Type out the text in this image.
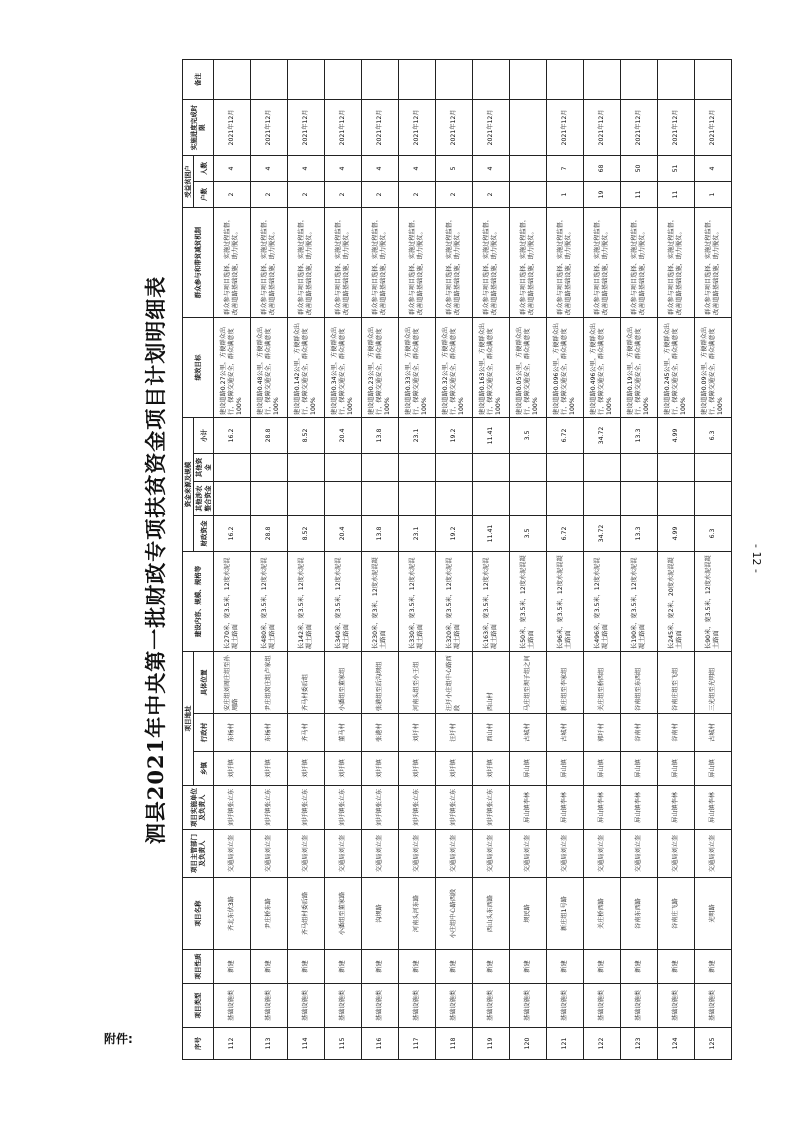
附件:
- 12 -
泗县2021年中央第一批财政专项扶贫资金项目计划明细表
序号	项目类型	项目性质	项目名称	项目主管部门及负责人	项目实施单位及负责人	项目地址			建设内容、规模、规格等	资金来源及规模				绩效目标	群众参与和带贫减贫机制	受益贫困户		实施进度完成时限	备注
						乡镇	行政村	具体位置		财政资金	其他涉农整合资金	其他资金	小计			户数	人数		
112	基础设施类	新建	齐北东伏3路	交通局刘立奎	刘圩镇张立东	刘圩镇	东杨村	安庄组刘周庄组至孙周路	长270米，宽3.5米，12度水泥混凝土路面	16.2			16.2	建设道路0.27公里，方便群众出行，保障交通安全，群众满意度100%	群众参与项目选择、实施过程监督，改善道路基础设施，助力脱贫。	2	4	2021年12月	
113	基础设施类	新建	尹庄桥东路	交通局刘立奎	刘圩镇张立东	刘圩镇	东杨村	尹庄组窝庄组卢家组	长480米，宽3.5米，12度水泥混凝土路面	28.8			28.8	建设道路0.48公里，方便群众出行，保障交通安全，群众满意度100%	群众参与项目选择、实施过程监督，改善道路基础设施，助力脱贫。	2	4	2021年12月	
114	基础设施类	新建	齐马组村委后路	交通局刘立奎	刘圩镇张立东	刘圩镇	齐马村	齐马村委后组	长142米，宽3.5米，12度水泥混凝土路面	8.52			8.52	建设道路0.142公里，方便群众出行，保障交通安全，群众满意度100%	群众参与项目选择、实施过程监督，改善道路基础设施，助力脱贫。	2	4	2021年12月	
115	基础设施类	新建	小潘组至董家路	交通局刘立奎	刘圩镇张立东	刘圩镇	董马村	小潘组至董家组	长340米，宽3.5米，12度水泥混凝土路面	20.4			20.4	建设道路0.34公里，方便群众出行，保障交通安全，群众满意度100%	群众参与项目选择、实施过程监督，改善道路基础设施，助力脱贫。	2	4	2021年12月	
116	基础设施类	新建	沟坝路	交通局刘立奎	刘圩镇张立东	刘圩镇	张港村	张港组至后沟坝组	长230米，宽3米，12度水泥混凝土路面	13.8			13.8	建设道路0.23公里，方便群众出行，保障交通安全，群众满意度100%	群众参与项目选择、实施过程监督，改善道路基础设施，助力脱贫。	2	4	2021年12月	
117	基础设施类	新建	河南头河东路	交通局刘立奎	刘圩镇张立东	刘圩镇	刘圩村	河南头组至小王组	长330米，宽3.5米，12度水泥混凝土路面	23.1			23.1	建设道路0.33公里，方便群众出行，保障交通安全，群众满意度100%	群众参与项目选择、实施过程监督，改善道路基础设施，助力脱贫。	2	4	2021年12月	
118	基础设施类	新建	小庄组中心路西段	交通局刘立奎	刘圩镇张立东	刘圩镇	汪圩村	汪圩小庄组中心路西段	长320米，宽3.5米，12度水泥混凝土路面	19.2			19.2	建设道路0.32公里，方便群众出行，保障交通安全，群众满意度100%	群众参与项目选择、实施过程监督，改善道路基础设施，助力脱贫。	2	5	2021年12月	
119	基础设施类	新建	西山头东西路	交通局刘立奎	刘圩镇张立东	刘圩镇	西山村	西山村	长163米，宽3.5米，12度水泥混凝土路面	11.41			11.41	建设道路0.163公里，方便群众出行，保障交通安全，群众满意度100%	群众参与项目选择、实施过程监督，改善道路基础设施，助力脱贫。	2	4	2021年12月	
120	基础设施类	新建	坝民路	交通局刘立奎	屏山镇李林	屏山镇	古城村	马庄组至坝子组之间	长50米，宽3.5米，12度水泥混凝土路面	3.5			3.5	建设道路0.05公里，方便群众出行，保障交通安全，群众满意度100%	群众参与项目选择、实施过程监督，改善道路基础设施，助力脱贫。				
121	基础设施类	新建	新庄组1号路	交通局刘立奎	屏山镇李林	屏山镇	古城村	新庄组至李家组	长96米，宽3.5米，12度水泥混凝土路面	6.72			6.72	建设道路0.096公里，方便群众出行，保障交通安全，群众满意度100%	群众参与项目选择、实施过程监督，改善道路基础设施，助力脱贫。	1	7	2021年12月	
122	基础设施类	新建	关庄桥西路	交通局刘立奎	屏山镇李林	屏山镇	郭圩村	关庄组至桥西组	长496米，宽3.5米，12度水泥混凝土路面	34.72			34.72	建设道路0.496公里，方便群众出行，保障交通安全，群众满意度100%	群众参与项目选择、实施过程监督，改善道路基础设施，助力脱贫。	19	68	2021年12月	
123	基础设施类	新建	谷南东西路	交通局刘立奎	屏山镇李林	屏山镇	谷南村	谷南组至东西组	长190米，宽3.5米，12度水泥混凝土路面	13.3			13.3	建设道路0.19公里，方便群众出行，保障交通安全，群众满意度100%	群众参与项目选择、实施过程监督，改善道路基础设施，助力脱贫。	11	50	2021年12月	
124	基础设施类	新建	谷南庄飞路	交通局刘立奎	屏山镇李林	屏山镇	谷南村	谷南庄组至飞组	长245米，宽2米，20度水泥混凝土路面	4.99			4.99	建设道路0.245公里，方便群众出行，保障交通安全，群众满意度100%	群众参与项目选择、实施过程监督，改善道路基础设施，助力脱贫。	11	51	2021年12月	
125	基础设施类	新建	光明路	交通局刘立奎	屏山镇李林	屏山镇	古城村	三光组至光明组	长90米，宽3.5米，12度水泥混凝土路面	6.3			6.3	建设道路0.09公里，方便群众出行，保障交通安全，群众满意度100%	群众参与项目选择、实施过程监督，改善道路基础设施，助力脱贫。	1	4	2021年12月	
